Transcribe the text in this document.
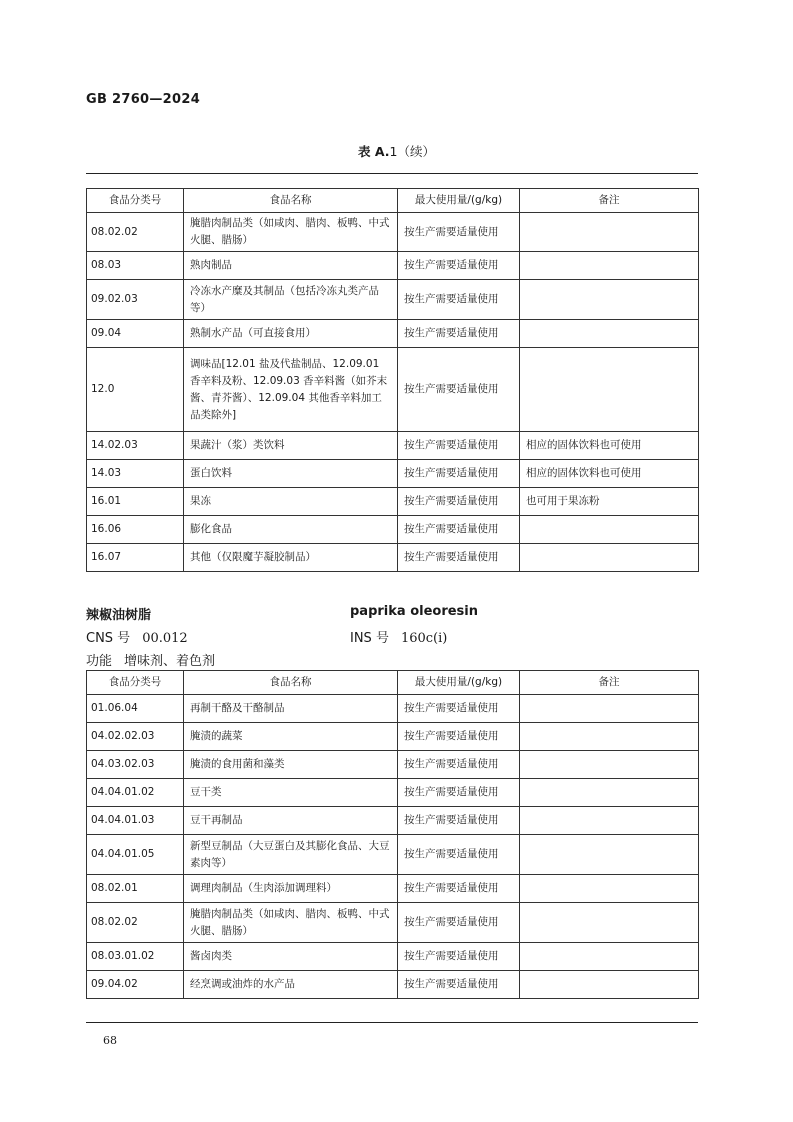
GB 2760—2024
表 A.1（续）
食品分类号	食品名称	最大使用量/(g/kg)	备注
08.02.02	腌腊肉制品类（如咸肉、腊肉、板鸭、中式火腿、腊肠）	按生产需要适量使用	
08.03	熟肉制品	按生产需要适量使用	
09.02.03	冷冻水产糜及其制品（包括冷冻丸类产品等）	按生产需要适量使用	
09.04	熟制水产品（可直接食用）	按生产需要适量使用	
12.0	调味品[12.01 盐及代盐制品、12.09.01 香辛料及粉、12.09.03 香辛料酱（如芥末酱、青芥酱）、12.09.04 其他香辛料加工品类除外]	按生产需要适量使用	
14.02.03	果蔬汁（浆）类饮料	按生产需要适量使用	相应的固体饮料也可使用
14.03	蛋白饮料	按生产需要适量使用	相应的固体饮料也可使用
16.01	果冻	按生产需要适量使用	也可用于果冻粉
16.06	膨化食品	按生产需要适量使用	
16.07	其他（仅限魔芋凝胶制品）	按生产需要适量使用	
辣椒油树脂	paprika oleoresin
CNS 号 00.012	INS 号 160c(i)
功能 增味剂、着色剂
食品分类号	食品名称	最大使用量/(g/kg)	备注
01.06.04	再制干酪及干酪制品	按生产需要适量使用	
04.02.02.03	腌渍的蔬菜	按生产需要适量使用	
04.03.02.03	腌渍的食用菌和藻类	按生产需要适量使用	
04.04.01.02	豆干类	按生产需要适量使用	
04.04.01.03	豆干再制品	按生产需要适量使用	
04.04.01.05	新型豆制品（大豆蛋白及其膨化食品、大豆素肉等）	按生产需要适量使用	
08.02.01	调理肉制品（生肉添加调理料）	按生产需要适量使用	
08.02.02	腌腊肉制品类（如咸肉、腊肉、板鸭、中式火腿、腊肠）	按生产需要适量使用	
08.03.01.02	酱卤肉类	按生产需要适量使用	
09.04.02	经烹调或油炸的水产品	按生产需要适量使用	
68
